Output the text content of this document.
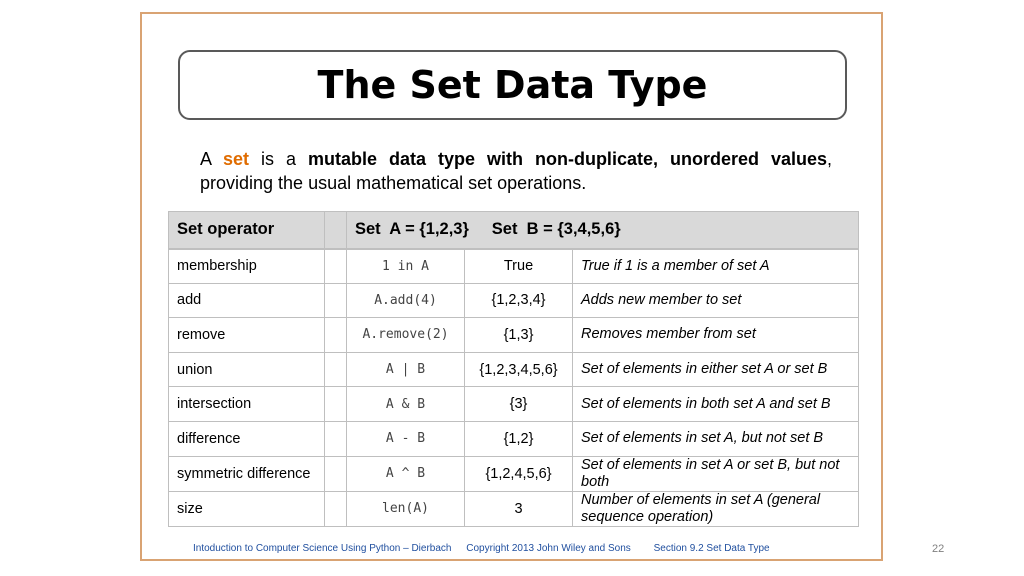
The Set Data Type
A set is a mutable data type with non-duplicate, unordered values, providing the usual mathematical set operations.
Set operator		Set  A = {1,2,3}     Set  B = {3,4,5,6}		
membership		1 in A	True	True if 1 is a member of set A
add		A.add(4)	{1,2,3,4}	Adds new member to set
remove		A.remove(2)	{1,3}	Removes member from set
union		A | B	{1,2,3,4,5,6}	Set of elements in either set A or set B
intersection		A & B	{3}	Set of elements in both set A and set B
difference		A - B	{1,2}	Set of elements in set A, but not set B
symmetric difference		A ^ B	{1,2,4,5,6}	Set of elements in set A or set B, but not both
size		len(A)	3	Number of elements in set A (general sequence operation)
Intoduction to Computer Science Using Python – Dierbach Copyright 2013 John Wiley and Sons Section 9.2 Set Data Type	22
